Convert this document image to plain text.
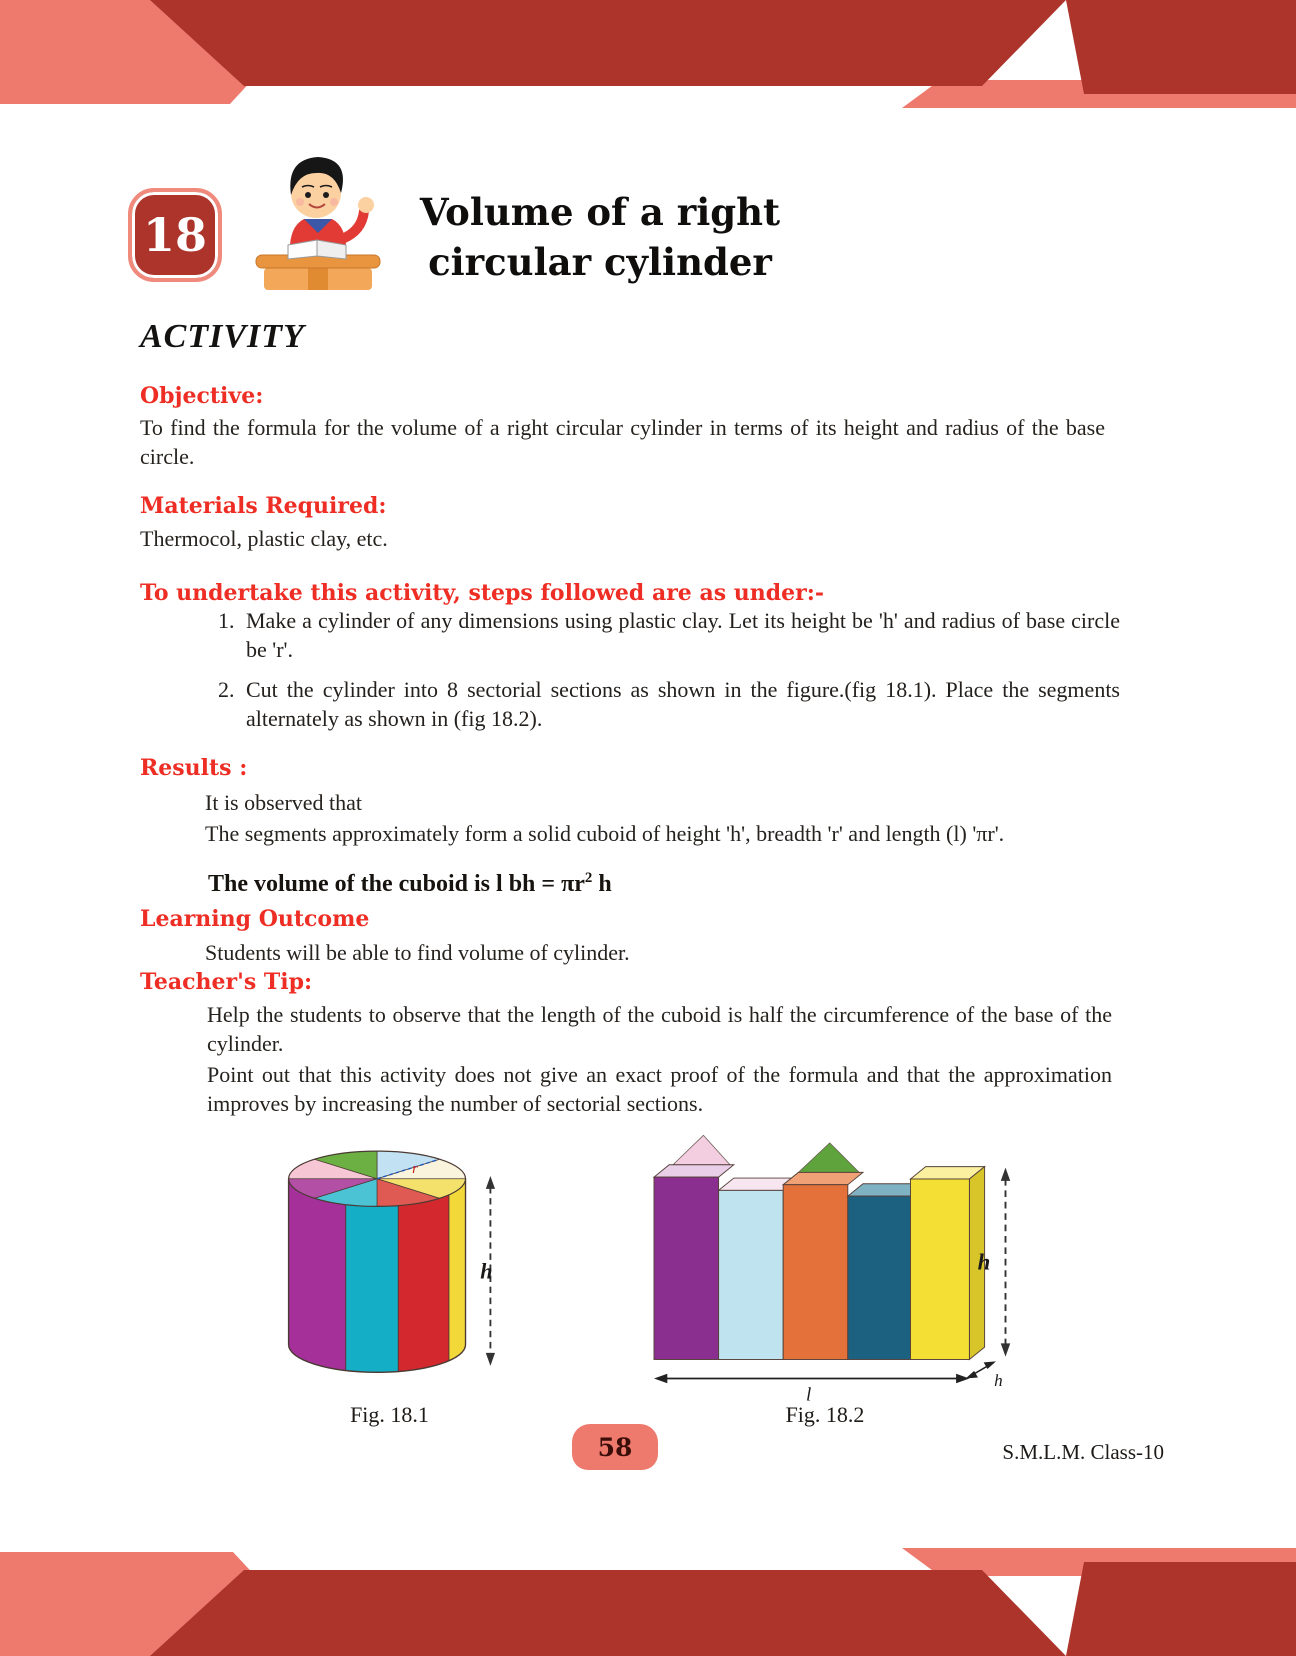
18	Volume of a right
circular cylinder
ACTIVITY
Objective:

To find the formula for the volume of a right circular cylinder in terms of its height and radius of the base circle.

Materials Required:

Thermocol, plastic clay, etc.

To undertake this activity, steps followed are as under:-
1. Make a cylinder of any dimensions using plastic clay. Let its height be 'h' and radius of base circle be 'r'.
2. Cut the cylinder into 8 sectorial sections as shown in the figure.(fig 18.1). Place the segments alternately as shown in (fig 18.2).
Results :

It is observed that

The segments approximately form a solid cuboid of height 'h', breadth 'r' and length (l) 'πr'.

The volume of the cuboid is l bh = $\pi r^2$ h

Learning Outcome

Students will be able to find volume of cylinder.

Teacher's Tip:

Help the students to observe that the length of the cuboid is half the circumference of the base of the cylinder.

Point out that this activity does not give an exact proof of the formula and that the approximation improves by increasing the number of sectorial sections.

r
h
Fig. 18.1
l
h
h
Fig. 18.2
58	S.M.L.M. Class-10
